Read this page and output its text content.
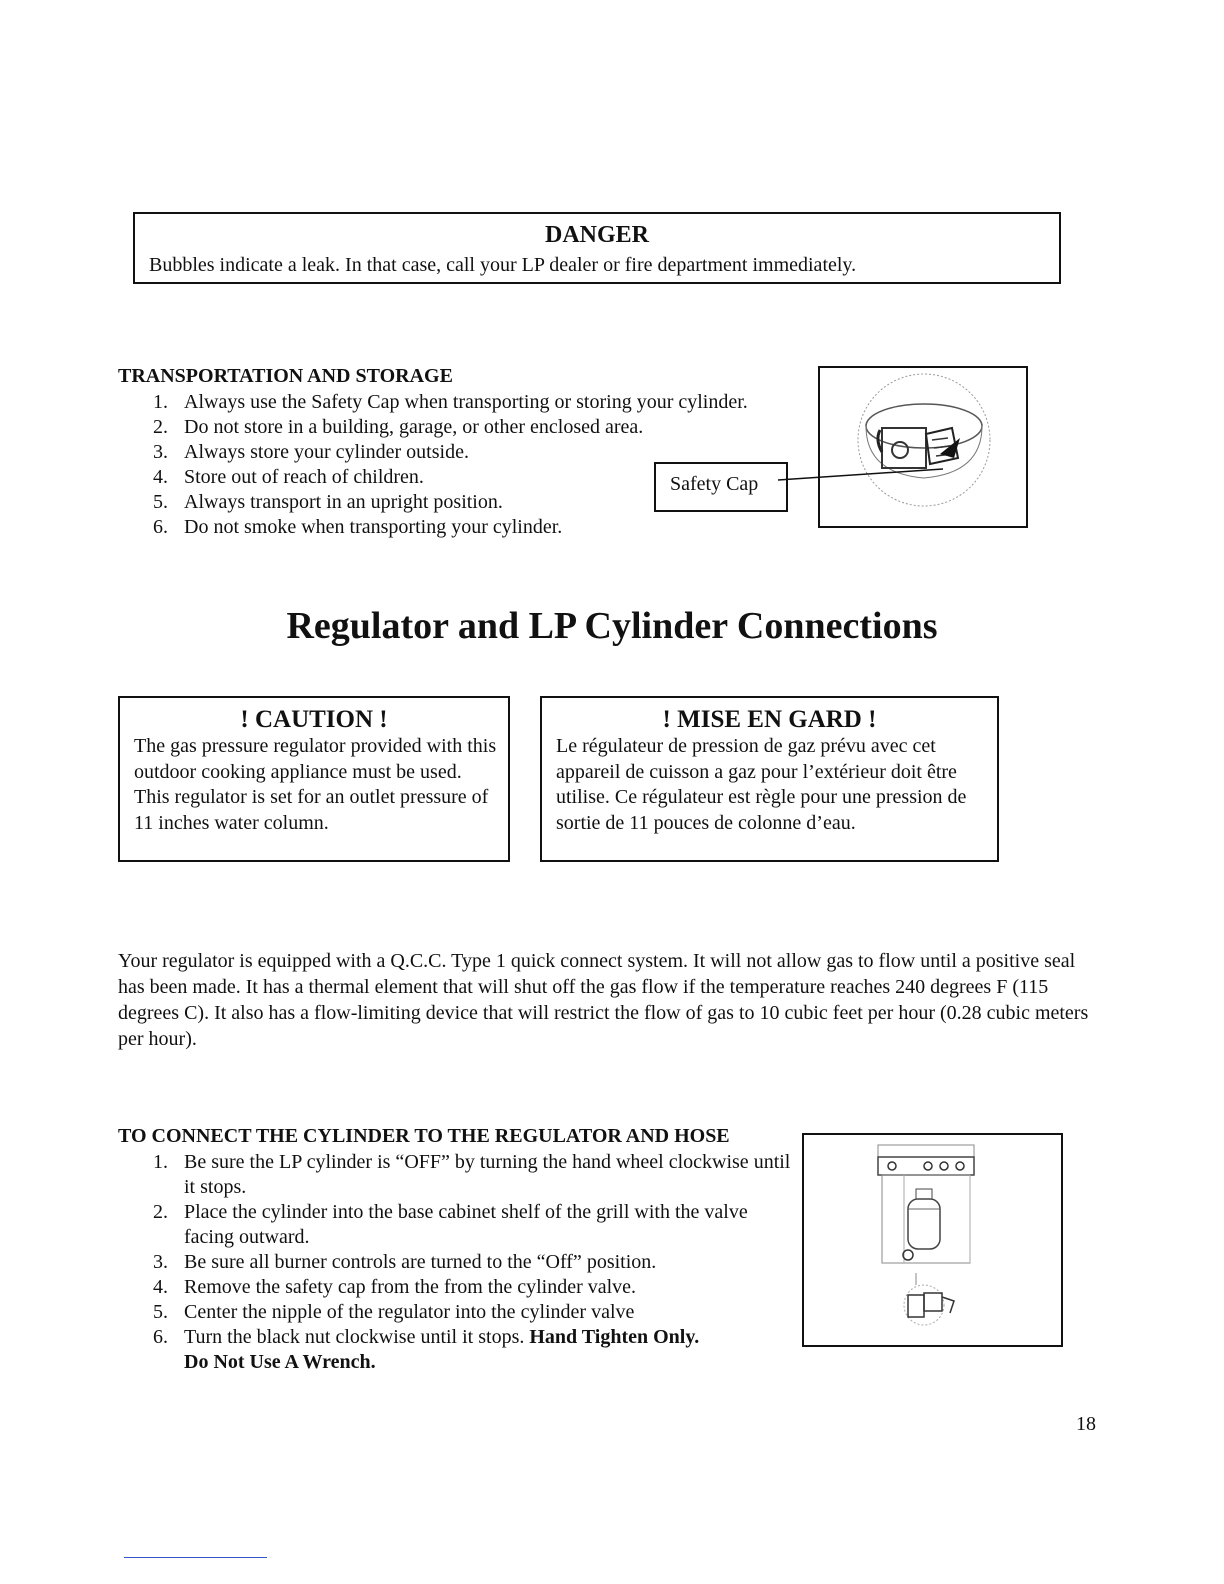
DANGER
Bubbles indicate a leak. In that case, call your LP dealer or fire department immediately.
TRANSPORTATION AND STORAGE
1. Always use the Safety Cap when transporting or storing your cylinder.
2. Do not store in a building, garage, or other enclosed area.
3. Always store your cylinder outside.
4. Store out of reach of children.
5. Always transport in an upright position.
6. Do not smoke when transporting your cylinder.
Safety Cap
Regulator and LP Cylinder Connections
! CAUTION !
The gas pressure regulator provided with this outdoor cooking appliance must be used. This regulator is set for an outlet pressure of 11 inches water column.
! MISE EN GARD !
Le régulateur de pression de gaz prévu avec cet appareil de cuisson a gaz pour l’extérieur doit être utilise. Ce régulateur est règle pour une pression de sortie de 11 pouces de colonne d’eau.
Your regulator is equipped with a Q.C.C. Type 1 quick connect system. It will not allow gas to flow until a positive seal has been made. It has a thermal element that will shut off the gas flow if the temperature reaches 240 degrees F (115 degrees C). It also has a flow-limiting device that will restrict the flow of gas to 10 cubic feet per hour (0.28 cubic meters per hour).
TO CONNECT THE CYLINDER TO THE REGULATOR AND HOSE
1. Be sure the LP cylinder is “OFF” by turning the hand wheel clockwise until it stops.
2. Place the cylinder into the base cabinet shelf of the grill with the valve facing outward.
3. Be sure all burner controls are turned to the “Off” position.
4. Remove the safety cap from the from the cylinder valve.
5. Center the nipple of the regulator into the cylinder valve
6. Turn the black nut clockwise until it stops. Hand Tighten Only.
Do Not Use A Wrench.
18
